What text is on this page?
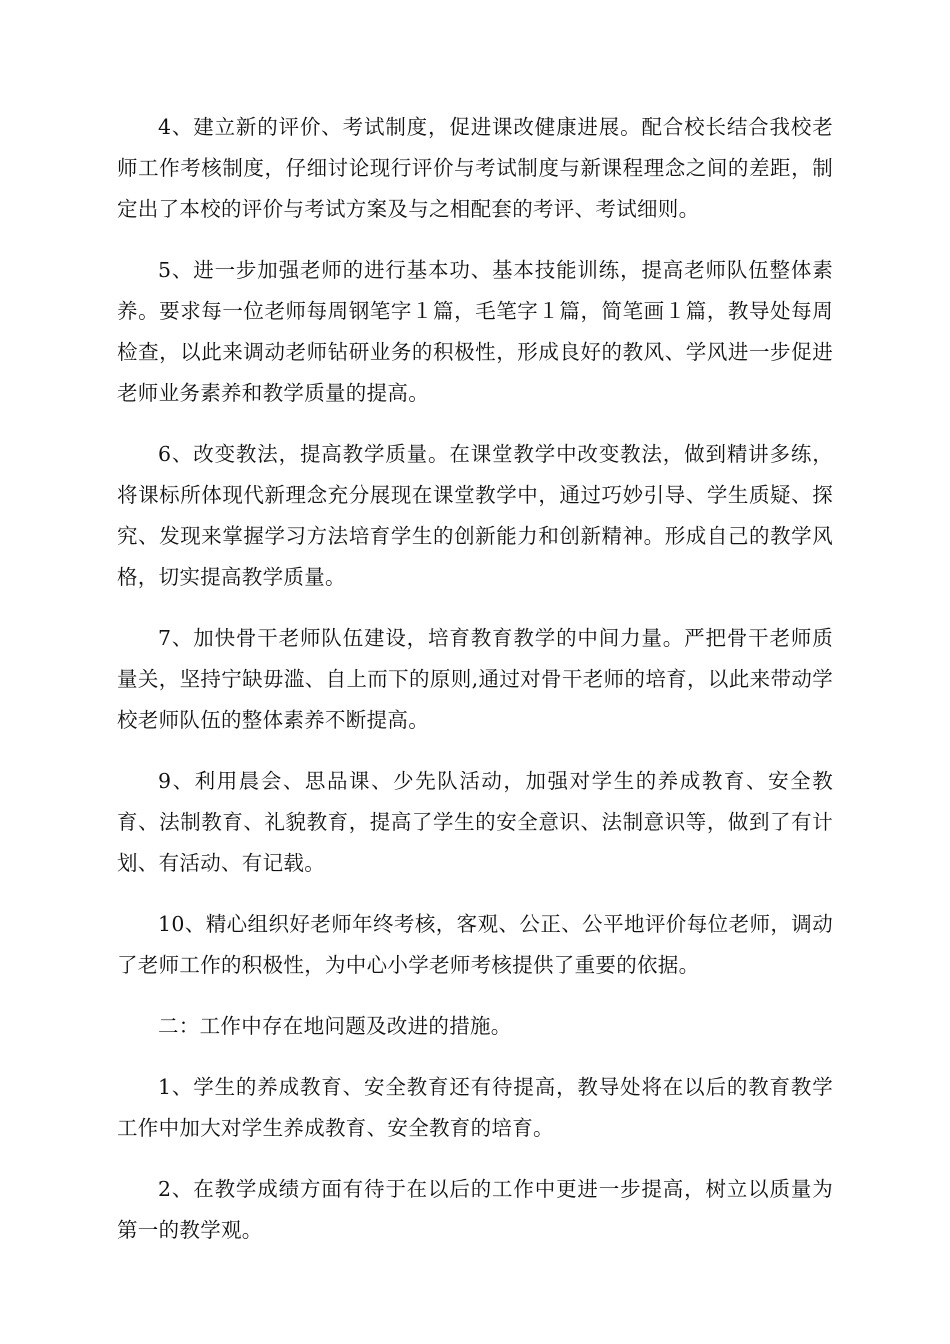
4、建立新的评价、考试制度，促进课改健康进展。配合校长结合我校老师工作考核制度，仔细讨论现行评价与考试制度与新课程理念之间的差距，制定出了本校的评价与考试方案及与之相配套的考评、考试细则。

5、进一步加强老师的进行基本功、基本技能训练，提高老师队伍整体素养。要求每一位老师每周钢笔字１篇，毛笔字１篇，简笔画１篇，教导处每周检查，以此来调动老师钻研业务的积极性，形成良好的教风、学风进一步促进老师业务素养和教学质量的提高。

6、改变教法，提高教学质量。在课堂教学中改变教法，做到精讲多练，将课标所体现代新理念充分展现在课堂教学中，通过巧妙引导、学生质疑、探究、发现来掌握学习方法培育学生的创新能力和创新精神。形成自己的教学风格，切实提高教学质量。

7、加快骨干老师队伍建设，培育教育教学的中间力量。严把骨干老师质量关，坚持宁缺毋滥、自上而下的原则,通过对骨干老师的培育，以此来带动学校老师队伍的整体素养不断提高。

9、利用晨会、思品课、少先队活动，加强对学生的养成教育、安全教育、法制教育、礼貌教育，提高了学生的安全意识、法制意识等，做到了有计划、有活动、有记载。

10、精心组织好老师年终考核，客观、公正、公平地评价每位老师，调动了老师工作的积极性，为中心小学老师考核提供了重要的依据。

二：工作中存在地问题及改进的措施。

1、学生的养成教育、安全教育还有待提高，教导处将在以后的教育教学工作中加大对学生养成教育、安全教育的培育。

2、在教学成绩方面有待于在以后的工作中更进一步提高，树立以质量为第一的教学观。
